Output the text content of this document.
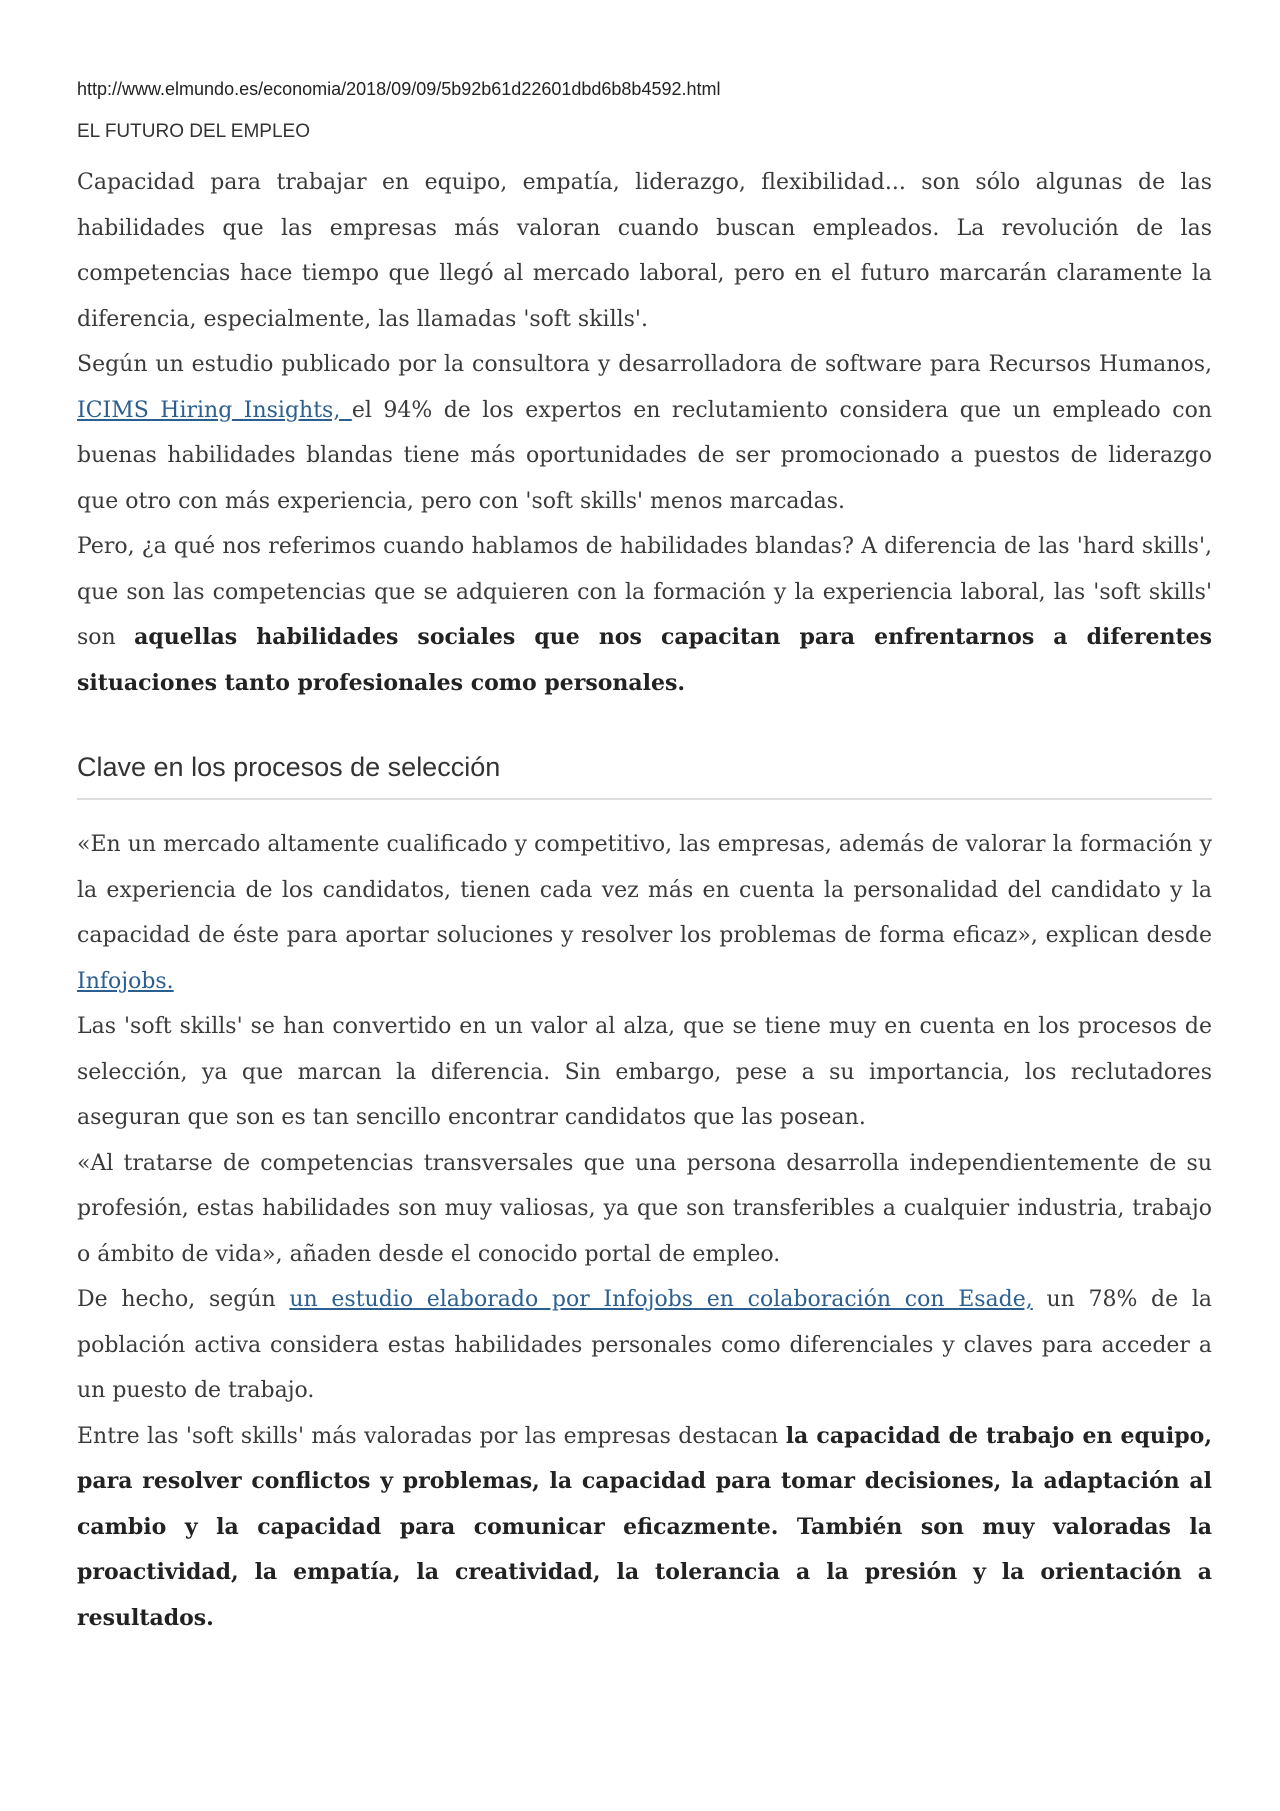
http://www.elmundo.es/economia/2018/09/09/5b92b61d22601dbd6b8b4592.html
EL FUTURO DEL EMPLEO

Capacidad para trabajar en equipo, empatía, liderazgo, flexibilidad... son sólo algunas de las habilidades que las empresas más valoran cuando buscan empleados. La revolución de las competencias hace tiempo que llegó al mercado laboral, pero en el futuro marcarán claramente la diferencia, especialmente, las llamadas 'soft skills'.

Según un estudio publicado por la consultora y desarrolladora de software para Recursos Humanos, ICIMS Hiring Insights, el 94% de los expertos en reclutamiento considera que un empleado con buenas habilidades blandas tiene más oportunidades de ser promocionado a puestos de liderazgo que otro con más experiencia, pero con 'soft skills' menos marcadas.

Pero, ¿a qué nos referimos cuando hablamos de habilidades blandas? A diferencia de las 'hard skills', que son las competencias que se adquieren con la formación y la experiencia laboral, las 'soft skills' son aquellas habilidades sociales que nos capacitan para enfrentarnos a diferentes situaciones tanto profesionales como personales.

Clave en los procesos de selección

«En un mercado altamente cualificado y competitivo, las empresas, además de valorar la formación y la experiencia de los candidatos, tienen cada vez más en cuenta la personalidad del candidato y la capacidad de éste para aportar soluciones y resolver los problemas de forma eficaz», explican desde Infojobs.

Las 'soft skills' se han convertido en un valor al alza, que se tiene muy en cuenta en los procesos de selección, ya que marcan la diferencia. Sin embargo, pese a su importancia, los reclutadores aseguran que son es tan sencillo encontrar candidatos que las posean.

«Al tratarse de competencias transversales que una persona desarrolla independientemente de su profesión, estas habilidades son muy valiosas, ya que son transferibles a cualquier industria, trabajo o ámbito de vida», añaden desde el conocido portal de empleo.

De hecho, según un estudio elaborado por Infojobs en colaboración con Esade, un 78% de la población activa considera estas habilidades personales como diferenciales y claves para acceder a un puesto de trabajo.

Entre las 'soft skills' más valoradas por las empresas destacan la capacidad de trabajo en equipo, para resolver conflictos y problemas, la capacidad para tomar decisiones, la adaptación al cambio y la capacidad para comunicar eficazmente. También son muy valoradas la proactividad, la empatía, la creatividad, la tolerancia a la presión y la orientación a resultados.
